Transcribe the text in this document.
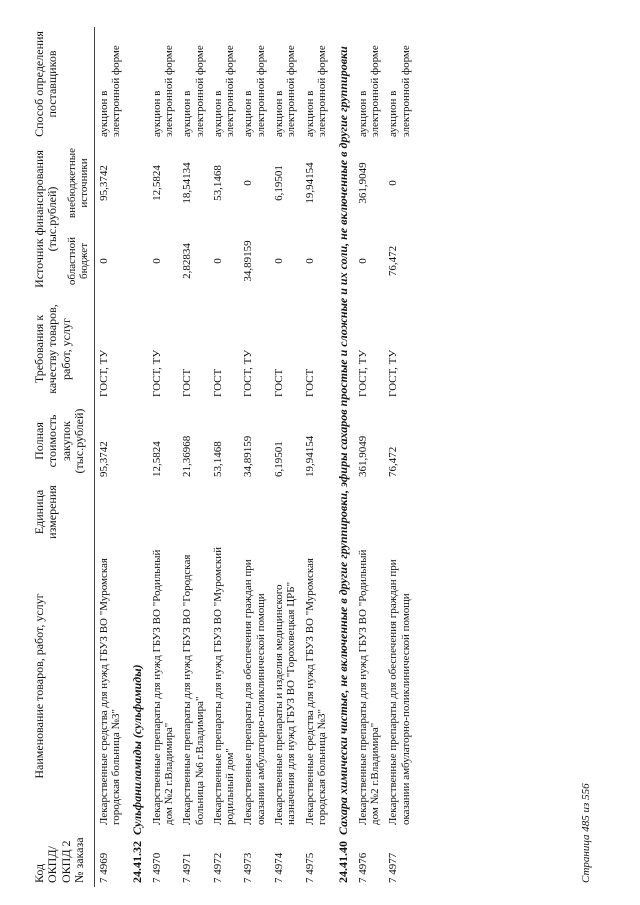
Код ОКПД/ ОКПД 2 № заказа	Наименование товаров, работ, услуг	Единица измерения	Полная стоимость закупок (тыс.рублей)	Требования к качеству товаров, работ, услуг	Источник финансирования (тыс.рублей)		Способ определения поставщиков
					областной бюджет	внебюджетные источники	
7 4969	Лекарственные средства для нужд ГБУЗ ВО "Муромская городская больница №3"		95,3742	ГОСТ, ТУ	0	95,3742	аукцион в электронной форме
24.41.32Сульфаниламиды (сульфамиды)							
7 4970	Лекарственные препараты для нужд ГБУЗ ВО "Родильный дом №2 г.Владимира"		12,5824	ГОСТ, ТУ	0	12,5824	аукцион в электронной форме
7 4971	Лекарственные препараты для нужд ГБУЗ ВО "Городская больница №6 г.Владимира"		21,36968	ГОСТ	2,82834	18,54134	аукцион в электронной форме
7 4972	Лекарственные препараты для нужд ГБУЗ ВО "Муромский родильный дом"		53,1468	ГОСТ	0	53,1468	аукцион в электронной форме
7 4973	Лекарственные препараты для обеспечения граждан при оказании амбулаторно-поликлинической помощи		34,89159	ГОСТ, ТУ	34,89159	0	аукцион в электронной форме
7 4974	Лекарственные препараты и изделия медицинского назначения для нужд ГБУЗ ВО "Гороховецкая ЦРБ"		6,19501	ГОСТ	0	6,19501	аукцион в электронной форме
7 4975	Лекарственные средства для нужд ГБУЗ ВО "Муромская городская больница №3"		19,94154	ГОСТ	0	19,94154	аукцион в электронной форме
24.41.40Сахара химически чистые, не включенные в другие группировки, эфиры сахаров простые и сложные и их соли, не включенные в другие группировки							
7 4976	Лекарственные препараты для нужд ГБУЗ ВО "Родильный дом №2 г.Владимира"		361,9049	ГОСТ, ТУ	0	361,9049	аукцион в электронной форме
7 4977	Лекарственные препараты для обеспечения граждан при оказании амбулаторно-поликлинической помощи		76,472	ГОСТ, ТУ	76,472	0	аукцион в электронной форме
Страница 485 из 556
